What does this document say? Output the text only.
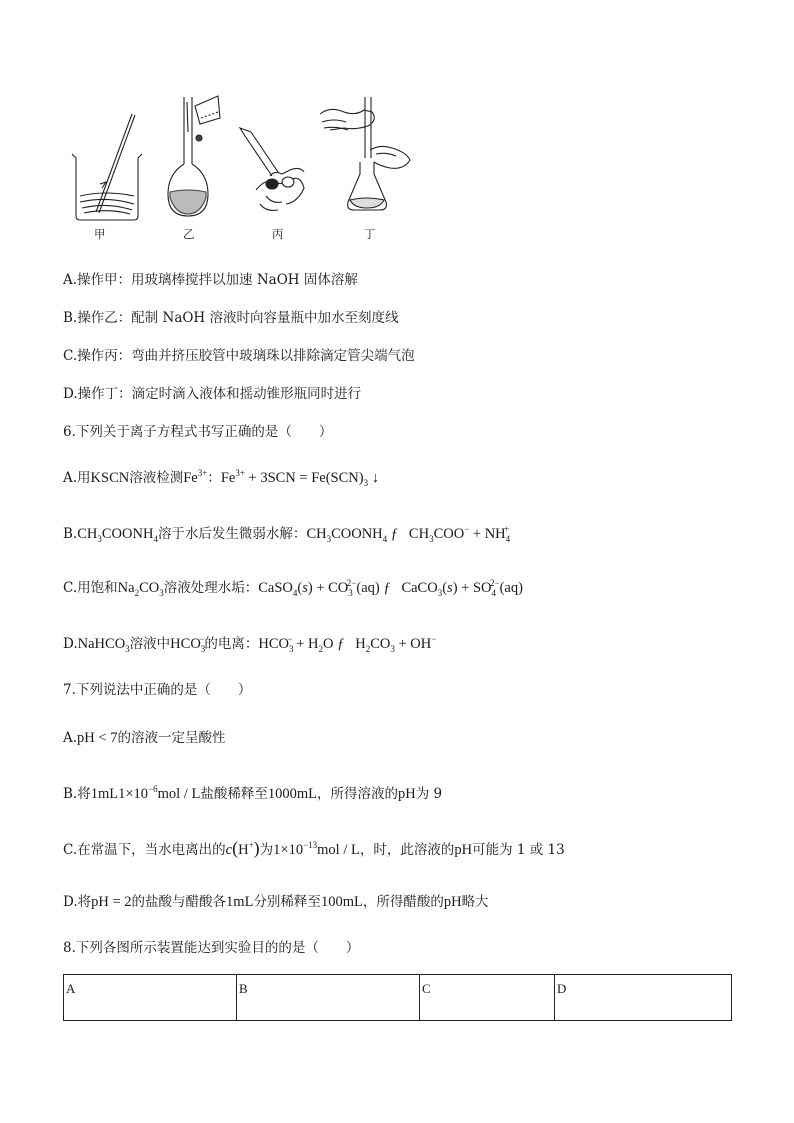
甲	乙	丙	丁
A.操作甲：用玻璃棒搅拌以加速 NaOH 固体溶解
B.操作乙：配制 NaOH 溶液时向容量瓶中加水至刻度线
C.操作丙：弯曲并挤压胶管中玻璃珠以排除滴定管尖端气泡
D.操作丁：滴定时滴入液体和摇动锥形瓶同时进行
6.下列关于离子方程式书写正确的是（　　）
A.用KSCN溶液检测$Fe^{3+}$：$Fe^{3+} + 3SCN = Fe(SCN)_3$ ↓
$B.CH_3COONH_4$溶于水后发生微弱水解：$CH_3COONH_4$ ƒ   $CH_3COO^- + NH_4^+$
C.用饱和$Na_2CO_3$溶液处理水垢：CaSO$_4$(s) + $CO_3^{2-}(aq)$ ƒ   CaCO$_3$(s) + $SO_4^{2-}(aq)$
D.NaHCO$_3$溶液中$HCO_3^-$的电离：$HCO_3^- + H_2O$ ƒ   $H_2CO_3 + OH^-$
7.下列说法中正确的是（　　）
A.pH < 7的溶液一定呈酸性
B.将$1mL1\times 10^{-6}mol / L$盐酸稀释至1000mL，所得溶液的pH为 9
C.在常温下，当水电离出的c(H+)为$1\times 10^{-13}mol / L$，时，此溶液的pH可能为 1 或 13
D.将pH = 2的盐酸与醋酸各1mL分别稀释至100mL，所得醋酸的pH略大
8.下列各图所示装置能达到实验目的的是（　　）
A	B	C	D
